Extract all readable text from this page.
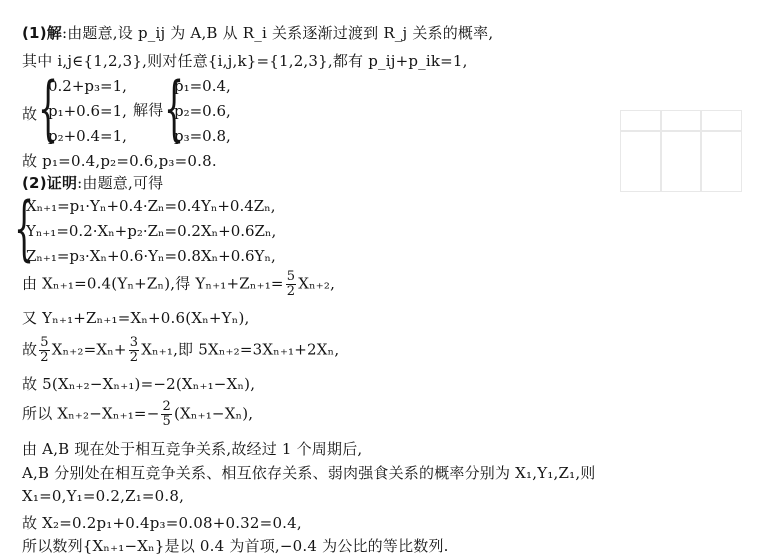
(1)解:由题意,设 p_ij 为 A,B 从 R_i 关系逐渐过渡到 R_j 关系的概率,
其中 i,j∈{1,2,3},则对任意{i,j,k}={1,2,3},都有 p_ij+p_ik=1,
故 {
0.2+p₃=1,
p₁+0.6=1,
p₂+0.4=1,
解得 {
p₁=0.4,
p₂=0.6,
p₃=0.8,
故 p₁=0.4,p₂=0.6,p₃=0.8.
(2)证明:由题意,可得
{
Xₙ₊₁=p₁·Yₙ+0.4·Zₙ=0.4Yₙ+0.4Zₙ,
Yₙ₊₁=0.2·Xₙ+p₂·Zₙ=0.2Xₙ+0.6Zₙ,
Zₙ₊₁=p₃·Xₙ+0.6·Yₙ=0.8Xₙ+0.6Yₙ,
由 Xₙ₊₁=0.4(Yₙ+Zₙ),得 $Y_{n+1}+Z_{n+1}= \frac{5}{2} X_{n+2}$,
又 Yₙ₊₁+Zₙ₊₁=Xₙ+0.6(Xₙ+Yₙ),
故 $\frac{5}{2} X_{n+2}=X_n+ \frac{3}{2} X_{n+1}$,即 5Xₙ₊₂=3Xₙ₊₁+2Xₙ,
故 5(Xₙ₊₂−Xₙ₊₁)=−2(Xₙ₊₁−Xₙ),
所以 $X_{n+2}-X_{n+1}=- \frac{2}{5} (X_{n+1}-X_n)$,
由 A,B 现在处于相互竞争关系,故经过 1 个周期后,
A,B 分别处在相互竞争关系、相互依存关系、弱肉强食关系的概率分别为 X₁,Y₁,Z₁,则
X₁=0,Y₁=0.2,Z₁=0.8,
故 X₂=0.2p₁+0.4p₃=0.08+0.32=0.4,
所以数列{Xₙ₊₁−Xₙ}是以 0.4 为首项,−0.4 为公比的等比数列.
